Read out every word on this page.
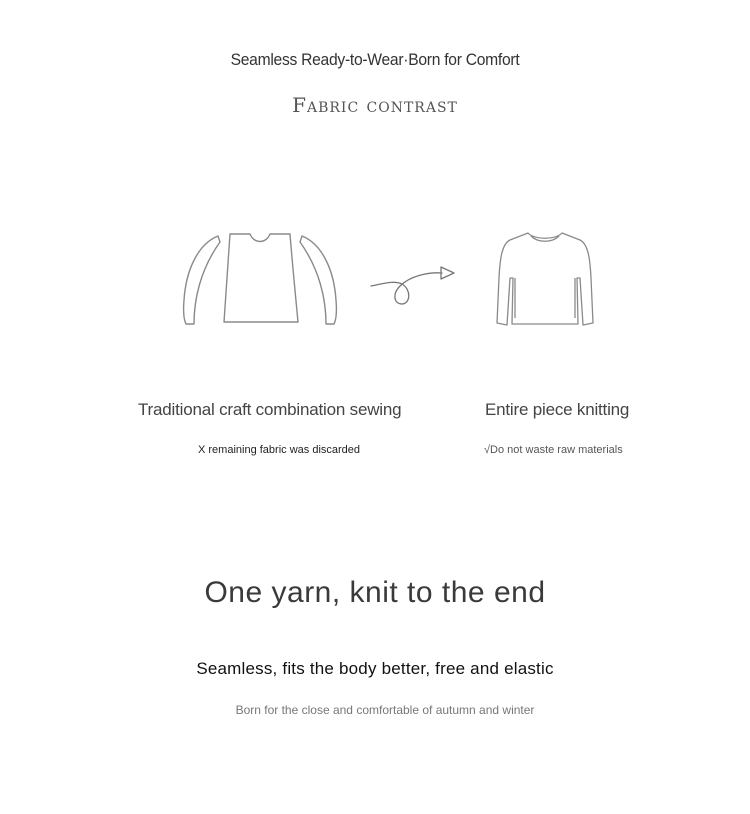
Seamless Ready-to-Wear·Born for Comfort
Fabric contrast
Traditional craft combination sewing
X remaining fabric was discarded
Entire piece knitting
√Do not waste raw materials
One yarn, knit to the end
Seamless, fits the body better, free and elastic
Born for the close and comfortable of autumn and winter
